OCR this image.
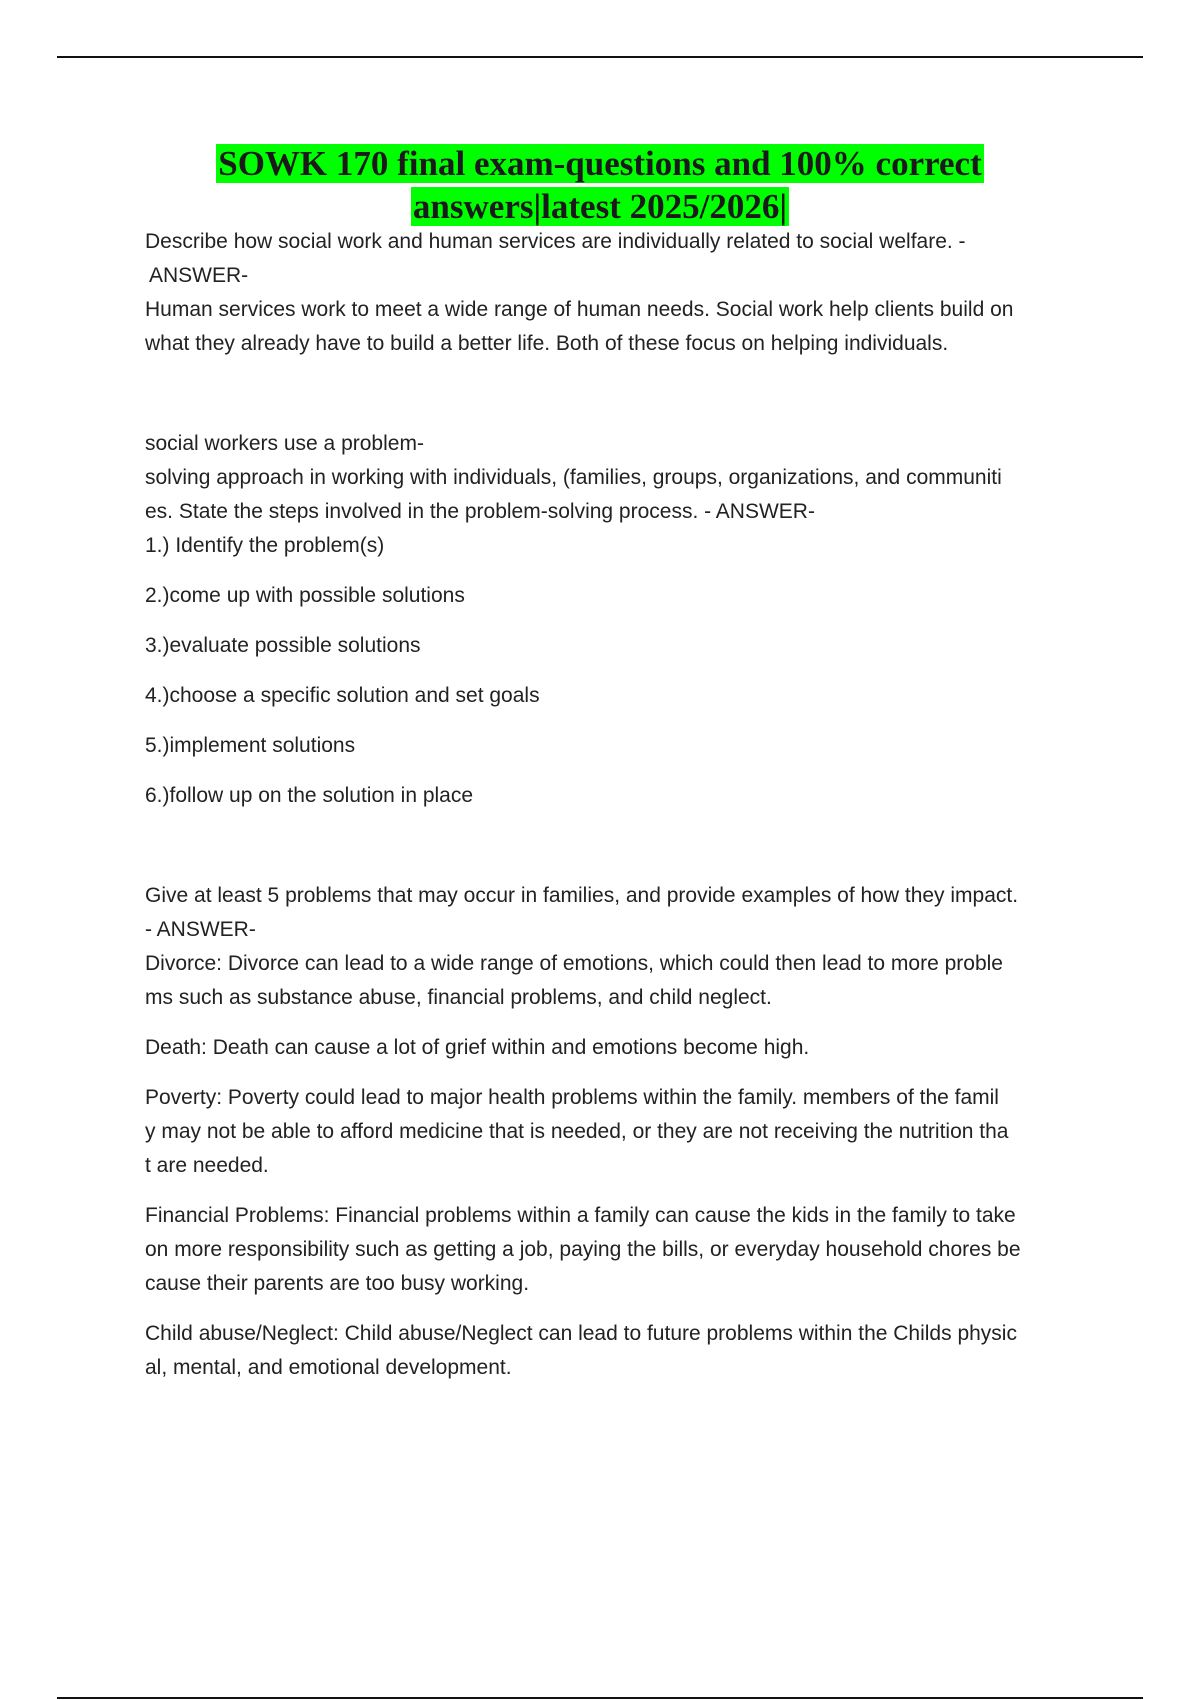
SOWK 170 final exam-questions and 100% correct
answers|latest 2025/2026|
Describe how social work and human services are individually related to social welfare. -
ANSWER-
Human services work to meet a wide range of human needs. Social work help clients build on
what they already have to build a better life. Both of these focus on helping individuals.
social workers use a problem-
solving approach in working with individuals, (families, groups, organizations, and communiti
es. State the steps involved in the problem-solving process. - ANSWER-
1.) Identify the problem(s)
2.)come up with possible solutions
3.)evaluate possible solutions
4.)choose a specific solution and set goals
5.)implement solutions
6.)follow up on the solution in place
Give at least 5 problems that may occur in families, and provide examples of how they impact.
- ANSWER-
Divorce: Divorce can lead to a wide range of emotions, which could then lead to more proble
ms such as substance abuse, financial problems, and child neglect.
Death: Death can cause a lot of grief within and emotions become high.
Poverty: Poverty could lead to major health problems within the family. members of the famil
y may not be able to afford medicine that is needed, or they are not receiving the nutrition tha
t are needed.
Financial Problems: Financial problems within a family can cause the kids in the family to take
on more responsibility such as getting a job, paying the bills, or everyday household chores be
cause their parents are too busy working.
Child abuse/Neglect: Child abuse/Neglect can lead to future problems within the Childs physic
al, mental, and emotional development.
